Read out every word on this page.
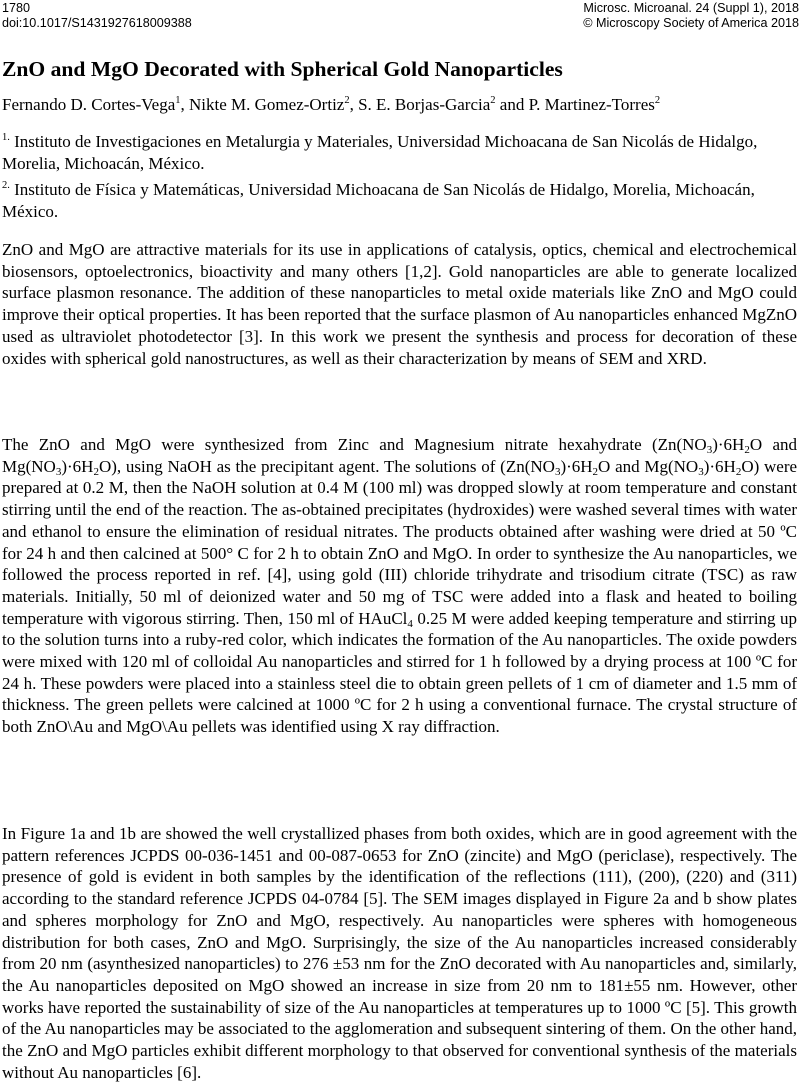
1780	Microsc. Microanal. 24 (Suppl 1), 2018
doi:10.1017/S1431927618009388	© Microscopy Society of America 2018
ZnO and MgO Decorated with Spherical Gold Nanoparticles
Fernando D. Cortes-Vega$^1$, Nikte M. Gomez-Ortiz$^2$, S. E. Borjas-Garcia$^2$ and P. Martinez-Torres$^2$
$^{1.}$ Instituto de Investigaciones en Metalurgia y Materiales, Universidad Michoacana de San Nicolás de Hidalgo, Morelia, Michoacán, México.
$^{2.}$ Instituto de Física y Matemáticas, Universidad Michoacana de San Nicolás de Hidalgo, Morelia, Michoacán, México.
ZnO and MgO are attractive materials for its use in applications of catalysis, optics, chemical and electrochemical biosensors, optoelectronics, bioactivity and many others [1,2]. Gold nanoparticles are able to generate localized surface plasmon resonance. The addition of these nanoparticles to metal oxide materials like ZnO and MgO could improve their optical properties. It has been reported that the surface plasmon of Au nanoparticles enhanced MgZnO used as ultraviolet photodetector [3]. In this work we present the synthesis and process for decoration of these oxides with spherical gold nanostructures, as well as their characterization by means of SEM and XRD.
The ZnO and MgO were synthesized from Zinc and Magnesium nitrate hexahydrate ($Zn(NO_3)\cdot 6H_2O$ and $Mg(NO_3)\cdot 6H_2O$), using NaOH as the precipitant agent. The solutions of ($Zn(NO_3)\cdot 6H_2O$ and $Mg(NO_3)\cdot 6H_2O$) were prepared at 0.2 M, then the NaOH solution at 0.4 M (100 ml) was dropped slowly at room temperature and constant stirring until the end of the reaction. The as-obtained precipitates (hydroxides) were washed several times with water and ethanol to ensure the elimination of residual nitrates. The products obtained after washing were dried at 50 ºC for 24 h and then calcined at 500° C for 2 h to obtain ZnO and MgO. In order to synthesize the Au nanoparticles, we followed the process reported in ref. [4], using gold (III) chloride trihydrate and trisodium citrate (TSC) as raw materials. Initially, 50 ml of deionized water and 50 mg of TSC were added into a flask and heated to boiling temperature with vigorous stirring. Then, 150 ml of HAuCl$_4$ 0.25 M were added keeping temperature and stirring up to the solution turns into a ruby-red color, which indicates the formation of the Au nanoparticles. The oxide powders were mixed with 120 ml of colloidal Au nanoparticles and stirred for 1 h followed by a drying process at 100 ºC for 24 h. These powders were placed into a stainless steel die to obtain green pellets of 1 cm of diameter and 1.5 mm of thickness. The green pellets were calcined at 1000 ºC for 2 h using a conventional furnace. The crystal structure of both ZnO\Au and MgO\Au pellets was identified using X ray diffraction.
In Figure 1a and 1b are showed the well crystallized phases from both oxides, which are in good agreement with the pattern references JCPDS 00-036-1451 and 00-087-0653 for ZnO (zincite) and MgO (periclase), respectively. The presence of gold is evident in both samples by the identification of the reflections (111), (200), (220) and (311) according to the standard reference JCPDS 04-0784 [5]. The SEM images displayed in Figure 2a and b show plates and spheres morphology for ZnO and MgO, respectively. Au nanoparticles were spheres with homogeneous distribution for both cases, ZnO and MgO. Surprisingly, the size of the Au nanoparticles increased considerably from 20 nm (asynthesized nanoparticles) to 276 ±53 nm for the ZnO decorated with Au nanoparticles and, similarly, the Au nanoparticles deposited on MgO showed an increase in size from 20 nm to 181±55 nm. However, other works have reported the sustainability of size of the Au nanoparticles at temperatures up to 1000 ºC [5]. This growth of the Au nanoparticles may be associated to the agglomeration and subsequent sintering of them. On the other hand, the ZnO and MgO particles exhibit different morphology to that observed for conventional synthesis of the materials without Au nanoparticles [6].
